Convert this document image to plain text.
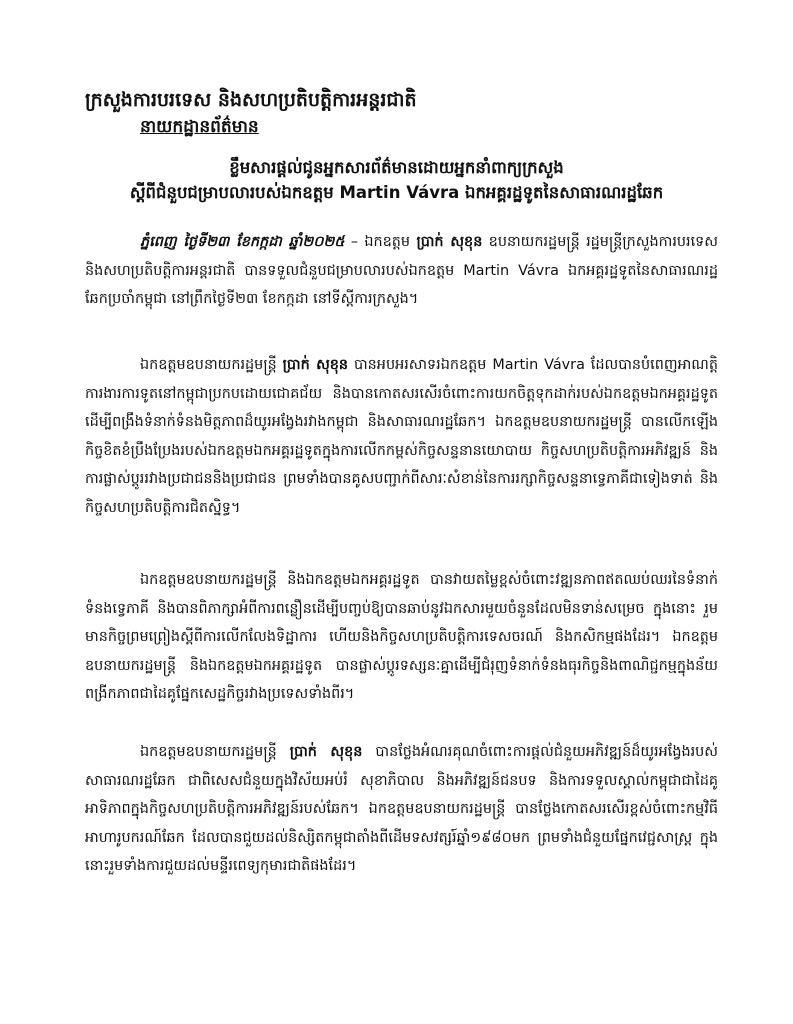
ក្រសួងការបរទេស និងសហប្រតិបត្តិការអន្តរជាតិ
នាយកដ្ឋានព័ត៌មាន
ខ្លឹមសារផ្ដល់ជូនអ្នកសារព័ត៌មានដោយអ្នកនាំពាក្យក្រសួង
ស្ដីពីជំនួបជម្រាបលារបស់ឯកឧត្ដម Martin Vávra ឯកអគ្គរដ្ឋទូតនៃសាធារណរដ្ឋឆែក

ភ្នំពេញ ថ្ងៃទី២៣ ខែកក្កដា ឆ្នាំ២០២៥ – ឯកឧត្ដម ប្រាក់ សុខុន ឧបនាយករដ្ឋមន្ត្រី រដ្ឋមន្ត្រីក្រសួងការបរទេស និងសហប្រតិបត្តិការអន្តរជាតិ បានទទួលជំនួបជម្រាបលារបស់ឯកឧត្ដម Martin Vávra ឯកអគ្គរដ្ឋទូតនៃសាធារណរដ្ឋឆែកប្រចាំកម្ពុជា នៅព្រឹកថ្ងៃទី២៣ ខែកក្កដា នៅទីស្ដីការក្រសួង។

ឯកឧត្ដមឧបនាយករដ្ឋមន្ត្រី ប្រាក់ សុខុន បានអបអរសាទរឯកឧត្ដម Martin Vávra ដែលបានបំពេញអាណត្តិការងារការទូតនៅកម្ពុជាប្រកបដោយជោគជ័យ និងបានកោតសរសើរចំពោះការយកចិត្តទុកដាក់របស់ឯកឧត្ដមឯកអគ្គរដ្ឋទូត ដើម្បីពង្រឹងទំនាក់ទំនងមិត្តភាពដ៏យូរអង្វែងរវាងកម្ពុជា និងសាធារណរដ្ឋឆែក។ ឯកឧត្ដមឧបនាយករដ្ឋមន្ត្រី បានលើកឡើងកិច្ចខិតខំប្រឹងប្រែងរបស់ឯកឧត្ដមឯកអគ្គរដ្ឋទូតក្នុងការលើកកម្ពស់កិច្ចសន្ទនានយោបាយ កិច្ចសហប្រតិបត្តិការអភិវឌ្ឍន៍ និងការផ្លាស់ប្ដូររវាងប្រជាជននិងប្រជាជន ព្រមទាំងបានគូសបញ្ជាក់ពីសារៈសំខាន់នៃការរក្សាកិច្ចសន្ទនាទ្វេភាគីជាទៀងទាត់ និងកិច្ចសហប្រតិបត្តិការជិតស្និទ្ធ។

ឯកឧត្ដមឧបនាយករដ្ឋមន្ត្រី និងឯកឧត្ដមឯកអគ្គរដ្ឋទូត បានវាយតម្លៃខ្ពស់ចំពោះវឌ្ឍនភាពឥតឈប់ឈរនៃទំនាក់ទំនងទ្វេភាគី និងបានពិភាក្សាអំពីការពន្លឿនដើម្បីបញ្ចប់ឱ្យបានឆាប់នូវឯកសារមួយចំនួនដែលមិនទាន់សម្រេច ក្នុងនោះ រួមមានកិច្ចព្រមព្រៀងស្ដីពីការលើកលែងទិដ្ឋាការ ហើយនិងកិច្ចសហប្រតិបត្តិការទេសចរណ៍ និងកសិកម្មផងដែរ។ ឯកឧត្ដមឧបនាយករដ្ឋមន្ត្រី និងឯកឧត្ដមឯកអគ្គរដ្ឋទូត បានផ្លាស់ប្ដូរទស្សនៈគ្នាដើម្បីជំរុញទំនាក់ទំនងធុរកិច្ចនិងពាណិជ្ជកម្មក្នុងន័យពង្រីកភាពជាដៃគូផ្នែកសេដ្ឋកិច្ចរវាងប្រទេសទាំងពីរ។

ឯកឧត្ដមឧបនាយករដ្ឋមន្ត្រី ប្រាក់ សុខុន បានថ្លែងអំណរគុណចំពោះការផ្ដល់ជំនួយអភិវឌ្ឍន៍ដ៏យូរអង្វែងរបស់សាធារណរដ្ឋឆែក ជាពិសេសជំនួយក្នុងវិស័យអប់រំ សុខាភិបាល និងអភិវឌ្ឍន៍ជនបទ និងការទទួលស្គាល់កម្ពុជាជាដៃគូអាទិភាពក្នុងកិច្ចសហប្រតិបត្តិការអភិវឌ្ឍន៍របស់ឆែក។ ឯកឧត្ដមឧបនាយករដ្ឋមន្ត្រី បានថ្លែងកោតសរសើរខ្ពស់ចំពោះកម្មវិធីអាហារូបករណ៍ឆែក ដែលបានជួយដល់និស្សិតកម្ពុជាតាំងពីដើមទសវត្សរ៍ឆ្នាំ១៩៨០មក ព្រមទាំងជំនួយផ្នែកវេជ្ជសាស្ត្រ ក្នុងនោះរួមទាំងការជួយដល់មន្ទីរពេទ្យកុមារជាតិផងដែរ។
